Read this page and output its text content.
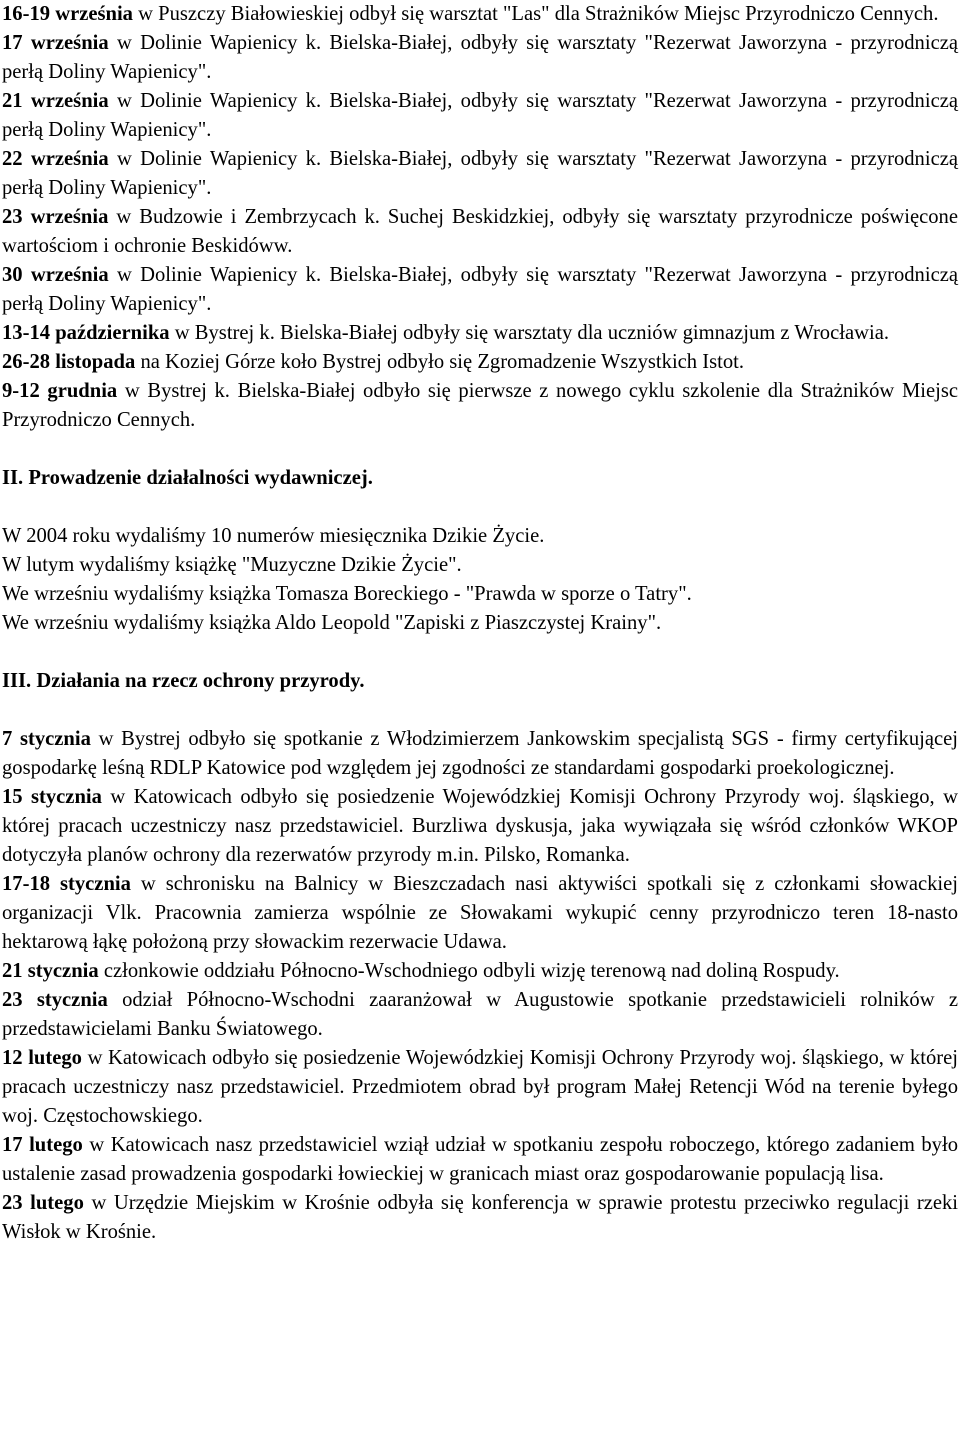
16-19 września w Puszczy Białowieskiej odbył się warsztat "Las" dla Strażników Miejsc Przyrodniczo Cennych.

17 września w Dolinie Wapienicy k. Bielska-Białej, odbyły się warsztaty "Rezerwat Jaworzyna - przyrodniczą perłą Doliny Wapienicy".

21 września w Dolinie Wapienicy k. Bielska-Białej, odbyły się warsztaty "Rezerwat Jaworzyna - przyrodniczą perłą Doliny Wapienicy".

22 września w Dolinie Wapienicy k. Bielska-Białej, odbyły się warsztaty "Rezerwat Jaworzyna - przyrodniczą perłą Doliny Wapienicy".

23 września w Budzowie i Zembrzycach k. Suchej Beskidzkiej, odbyły się warsztaty przyrodnicze poświęcone wartościom i ochronie Beskidóww.

30 września w Dolinie Wapienicy k. Bielska-Białej, odbyły się warsztaty "Rezerwat Jaworzyna - przyrodniczą perłą Doliny Wapienicy".

13-14 października w Bystrej k. Bielska-Białej odbyły się warsztaty dla uczniów gimnazjum z Wrocławia.

26-28 listopada na Koziej Górze koło Bystrej odbyło się Zgromadzenie Wszystkich Istot.

9-12 grudnia w Bystrej k. Bielska-Białej odbyło się pierwsze z nowego cyklu szkolenie dla Strażników Miejsc Przyrodniczo Cennych.

II. Prowadzenie działalności wydawniczej.

W 2004 roku wydaliśmy 10 numerów miesięcznika Dzikie Życie.

W lutym wydaliśmy książkę "Muzyczne Dzikie Życie".

We wrześniu wydaliśmy książka Tomasza Boreckiego - "Prawda w sporze o Tatry".

We wrześniu wydaliśmy książka Aldo Leopold "Zapiski z Piaszczystej Krainy".

III. Działania na rzecz ochrony przyrody.

7 stycznia w Bystrej odbyło się spotkanie z Włodzimierzem Jankowskim specjalistą SGS - firmy certyfikującej gospodarkę leśną RDLP Katowice pod względem jej zgodności ze standardami gospodarki proekologicznej.

15 stycznia w Katowicach odbyło się posiedzenie Wojewódzkiej Komisji Ochrony Przyrody woj. śląskiego, w której pracach uczestniczy nasz przedstawiciel. Burzliwa dyskusja, jaka wywiązała się wśród członków WKOP dotyczyła planów ochrony dla rezerwatów przyrody m.in. Pilsko, Romanka.

17-18 stycznia w schronisku na Balnicy w Bieszczadach nasi aktywiści spotkali się z członkami słowackiej organizacji Vlk. Pracownia zamierza wspólnie ze Słowakami wykupić cenny przyrodniczo teren 18-nasto hektarową łąkę położoną przy słowackim rezerwacie Udawa.

21 stycznia członkowie oddziału Północno-Wschodniego odbyli wizję terenową nad doliną Rospudy.

23 stycznia odział Północno-Wschodni zaaranżował w Augustowie spotkanie przedstawicieli rolników z przedstawicielami Banku Światowego.

12 lutego w Katowicach odbyło się posiedzenie Wojewódzkiej Komisji Ochrony Przyrody woj. śląskiego, w której pracach uczestniczy nasz przedstawiciel. Przedmiotem obrad był program Małej Retencji Wód na terenie byłego woj. Częstochowskiego.

17 lutego w Katowicach nasz przedstawiciel wziął udział w spotkaniu zespołu roboczego, którego zadaniem było ustalenie zasad prowadzenia gospodarki łowieckiej w granicach miast oraz gospodarowanie populacją lisa.

23 lutego w Urzędzie Miejskim w Krośnie odbyła się konferencja w sprawie protestu przeciwko regulacji rzeki Wisłok w Krośnie.
